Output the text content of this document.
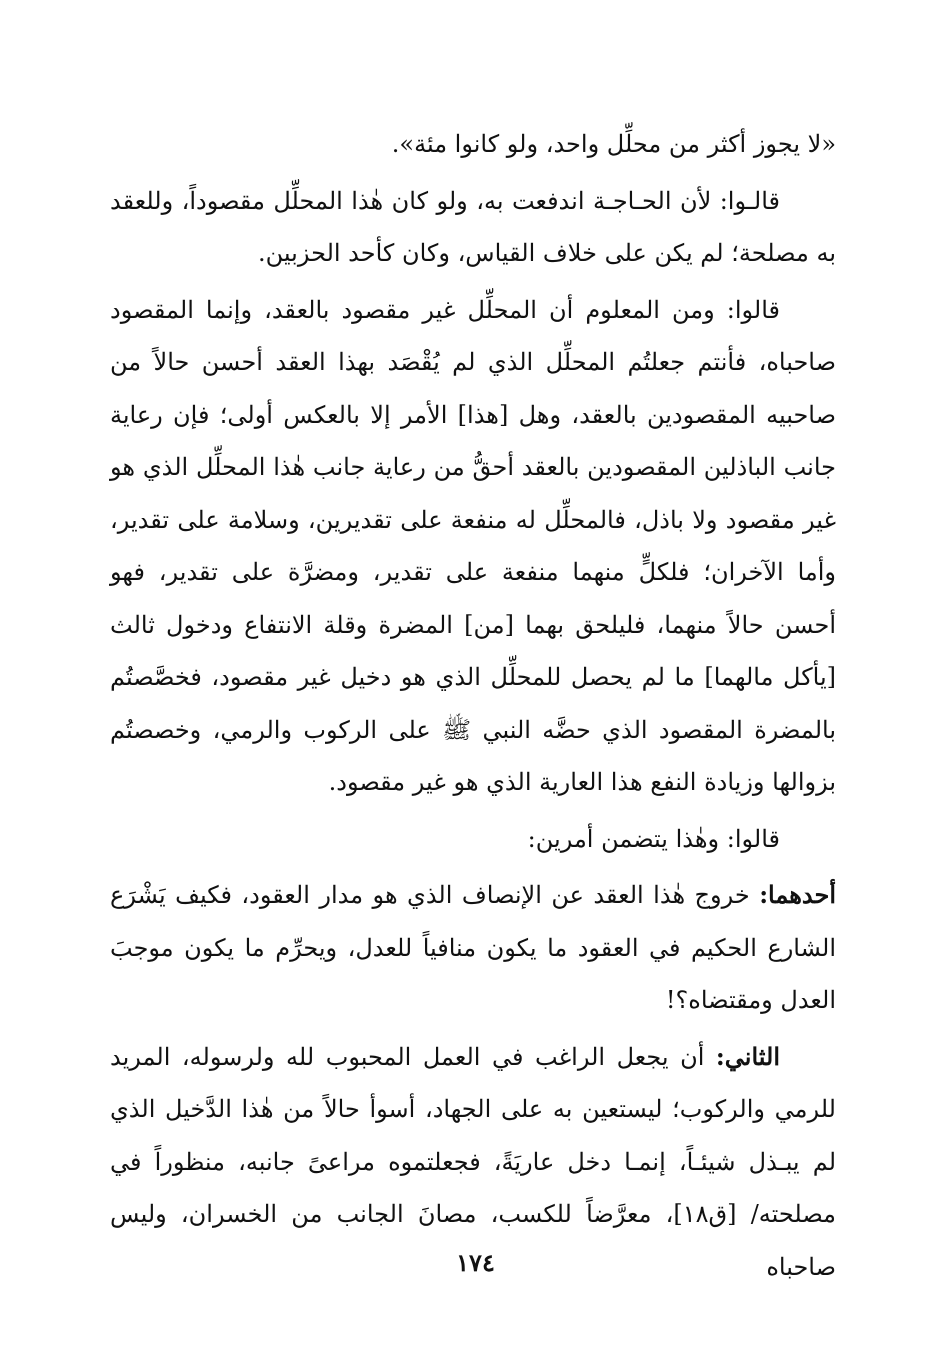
«لا يجوز أكثر من محلِّل واحد، ولو كانوا مئة».

قالـوا: لأن الحـاجـة اندفعت به، ولو كان هٰذا المحلِّل مقصوداً، وللعقد به مصلحة؛ لم يكن على خلاف القياس، وكان كأحد الحزبين.

قالوا: ومن المعلوم أن المحلِّل غير مقصود بالعقد، وإنما المقصود صاحباه، فأنتم جعلتُم المحلِّل الذي لم يُقْصَد بهذا العقد أحسن حالاً من صاحبيه المقصودين بالعقد، وهل [هذا] الأمر إلا بالعكس أولى؛ فإن رعاية جانب الباذلين المقصودين بالعقد أحقُّ من رعاية جانب هٰذا المحلِّل الذي هو غير مقصود ولا باذل، فالمحلِّل له منفعة على تقديرين، وسلامة على تقدير، وأما الآخران؛ فلكلٍّ منهما منفعة على تقدير، ومضرَّة على تقدير، فهو أحسن حالاً منهما، فليلحق بهما [من] المضرة وقلة الانتفاع ودخول ثالث [يأكل مالهما] ما لم يحصل للمحلِّل الذي هو دخيل غير مقصود، فخصَّصتُم بالمضرة المقصود الذي حضَّه النبي ﷺ على الركوب والرمي، وخصصتُم بزوالها وزيادة النفع هذا العارية الذي هو غير مقصود.

قالوا: وهٰذا يتضمن أمرين:

أحدهما: خروج هٰذا العقد عن الإنصاف الذي هو مدار العقود، فكيف يَشْرَع الشارع الحكيم في العقود ما يكون منافياً للعدل، ويحرِّم ما يكون موجبَ العدل ومقتضاه؟!

الثاني: أن يجعل الراغب في العمل المحبوب لله ولرسوله، المريد للرمي والركوب؛ ليستعين به على الجهاد، أسوأ حالاً من هٰذا الدَّخيل الذي لم يبـذل شيئـاً، إنمـا دخل عاريَةً، فجعلتموه مراعىً جانبه، منظوراً في مصلحته/ [ق١٨]، معرَّضاً للكسب، مصانَ الجانب من الخسران، وليس صاحباه

١٧٤
